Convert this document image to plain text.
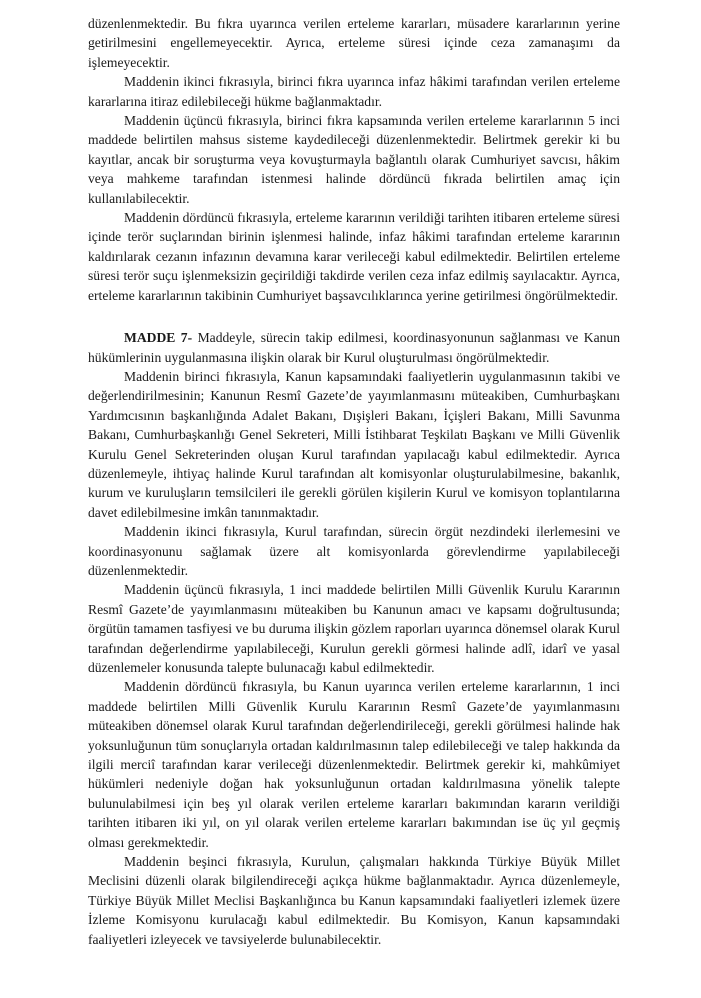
düzenlenmektedir. Bu fıkra uyarınca verilen erteleme kararları, müsadere kararlarının yerine getirilmesini engellemeyecektir. Ayrıca, erteleme süresi içinde ceza zamanaşımı da işlemeyecektir.

Maddenin ikinci fıkrasıyla, birinci fıkra uyarınca infaz hâkimi tarafından verilen erteleme kararlarına itiraz edilebileceği hükme bağlanmaktadır.

Maddenin üçüncü fıkrasıyla, birinci fıkra kapsamında verilen erteleme kararlarının 5 inci maddede belirtilen mahsus sisteme kaydedileceği düzenlenmektedir. Belirtmek gerekir ki bu kayıtlar, ancak bir soruşturma veya kovuşturmayla bağlantılı olarak Cumhuriyet savcısı, hâkim veya mahkeme tarafından istenmesi halinde dördüncü fıkrada belirtilen amaç için kullanılabilecektir.

Maddenin dördüncü fıkrasıyla, erteleme kararının verildiği tarihten itibaren erteleme süresi içinde terör suçlarından birinin işlenmesi halinde, infaz hâkimi tarafından erteleme kararının kaldırılarak cezanın infazının devamına karar verileceği kabul edilmektedir. Belirtilen erteleme süresi terör suçu işlenmeksizin geçirildiği takdirde verilen ceza infaz edilmiş sayılacaktır. Ayrıca, erteleme kararlarının takibinin Cumhuriyet başsavcılıklarınca yerine getirilmesi öngörülmektedir.

MADDE 7- Maddeyle, sürecin takip edilmesi, koordinasyonunun sağlanması ve Kanun hükümlerinin uygulanmasına ilişkin olarak bir Kurul oluşturulması öngörülmektedir.

Maddenin birinci fıkrasıyla, Kanun kapsamındaki faaliyetlerin uygulanmasının takibi ve değerlendirilmesinin; Kanunun Resmî Gazete’de yayımlanmasını müteakiben, Cumhurbaşkanı Yardımcısının başkanlığında Adalet Bakanı, Dışişleri Bakanı, İçişleri Bakanı, Milli Savunma Bakanı, Cumhurbaşkanlığı Genel Sekreteri, Milli İstihbarat Teşkilatı Başkanı ve Milli Güvenlik Kurulu Genel Sekreterinden oluşan Kurul tarafından yapılacağı kabul edilmektedir. Ayrıca düzenlemeyle, ihtiyaç halinde Kurul tarafından alt komisyonlar oluşturulabilmesine, bakanlık, kurum ve kuruluşların temsilcileri ile gerekli görülen kişilerin Kurul ve komisyon toplantılarına davet edilebilmesine imkân tanınmaktadır.

Maddenin ikinci fıkrasıyla, Kurul tarafından, sürecin örgüt nezdindeki ilerlemesini ve koordinasyonunu sağlamak üzere alt komisyonlarda görevlendirme yapılabileceği düzenlenmektedir.

Maddenin üçüncü fıkrasıyla, 1 inci maddede belirtilen Milli Güvenlik Kurulu Kararının Resmî Gazete’de yayımlanmasını müteakiben bu Kanunun amacı ve kapsamı doğrultusunda; örgütün tamamen tasfiyesi ve bu duruma ilişkin gözlem raporları uyarınca dönemsel olarak Kurul tarafından değerlendirme yapılabileceği, Kurulun gerekli görmesi halinde adlî, idarî ve yasal düzenlemeler konusunda talepte bulunacağı kabul edilmektedir.

Maddenin dördüncü fıkrasıyla, bu Kanun uyarınca verilen erteleme kararlarının, 1 inci maddede belirtilen Milli Güvenlik Kurulu Kararının Resmî Gazete’de yayımlanmasını müteakiben dönemsel olarak Kurul tarafından değerlendirileceği, gerekli görülmesi halinde hak yoksunluğunun tüm sonuçlarıyla ortadan kaldırılmasının talep edilebileceği ve talep hakkında da ilgili merciî tarafından karar verileceği düzenlenmektedir. Belirtmek gerekir ki, mahkûmiyet hükümleri nedeniyle doğan hak yoksunluğunun ortadan kaldırılmasına yönelik talepte bulunulabilmesi için beş yıl olarak verilen erteleme kararları bakımından kararın verildiği tarihten itibaren iki yıl, on yıl olarak verilen erteleme kararları bakımından ise üç yıl geçmiş olması gerekmektedir.

Maddenin beşinci fıkrasıyla, Kurulun, çalışmaları hakkında Türkiye Büyük Millet Meclisini düzenli olarak bilgilendireceği açıkça hükme bağlanmaktadır. Ayrıca düzenlemeyle, Türkiye Büyük Millet Meclisi Başkanlığınca bu Kanun kapsamındaki faaliyetleri izlemek üzere İzleme Komisyonu kurulacağı kabul edilmektedir. Bu Komisyon, Kanun kapsamındaki faaliyetleri izleyecek ve tavsiyelerde bulunabilecektir.
